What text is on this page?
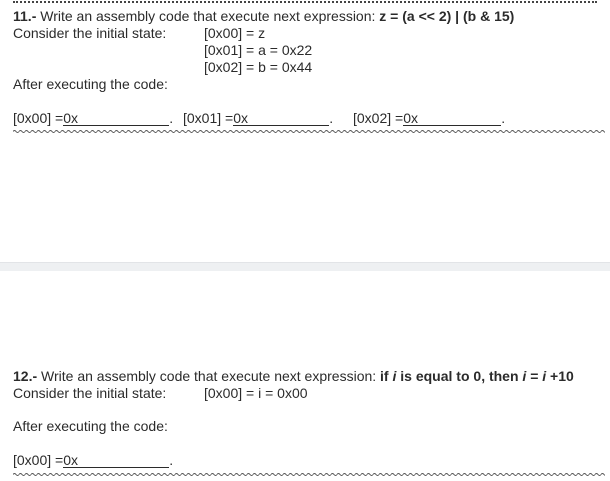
11.- Write an assembly code that execute next expression: z = (a << 2) | (b & 15)
Consider the initial state:	[0x00] = z
[0x01] = a = 0x22
[0x02] = b = 0x44
After executing the code:
[0x00] =0x	. [0x01] =0x	. [0x02] =0x	.
12.- Write an assembly code that execute next expression: if i is equal to 0, then i = i +10
Consider the initial state:	[0x00] = i = 0x00
After executing the code:
[0x00] =0x	.
